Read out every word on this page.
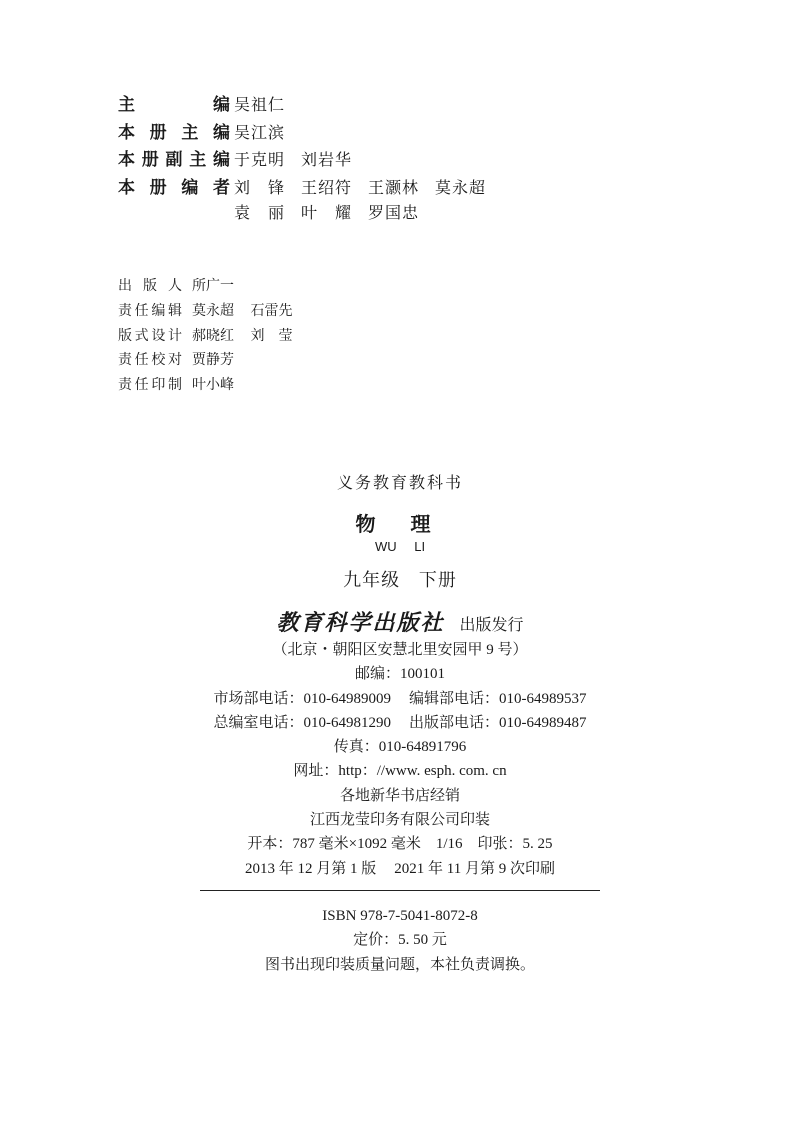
主　　编 吴祖仁
本册主编 吴江滨
本册副主编 于克明 刘岩华
本册编者 刘　锋 王绍符 王灏林 莫永超
袁　丽 叶　耀 罗国忠
出版人 所广一
责任编辑 莫永超 石雷先
版式设计 郝晓红 刘　莹
责任校对 贾静芳
责任印制 叶小峰
义务教育教科书
物 理
WU LI
九年级 下册
教育科学出版社 出版发行
（北京・朝阳区安慧北里安园甲 9 号）
邮编：100101
市场部电话：010-64989009 编辑部电话：010-64989537
总编室电话：010-64981290 出版部电话：010-64989487
传真：010-64891796
网址：http：//www. esph. com. cn
各地新华书店经销
江西龙莹印务有限公司印装
开本：787 毫米×1092 毫米　1/16　印张：5. 25
2013 年 12 月第 1 版 2021 年 11 月第 9 次印刷
ISBN 978-7-5041-8072-8
定价：5. 50 元
图书出现印装质量问题，本社负责调换。
